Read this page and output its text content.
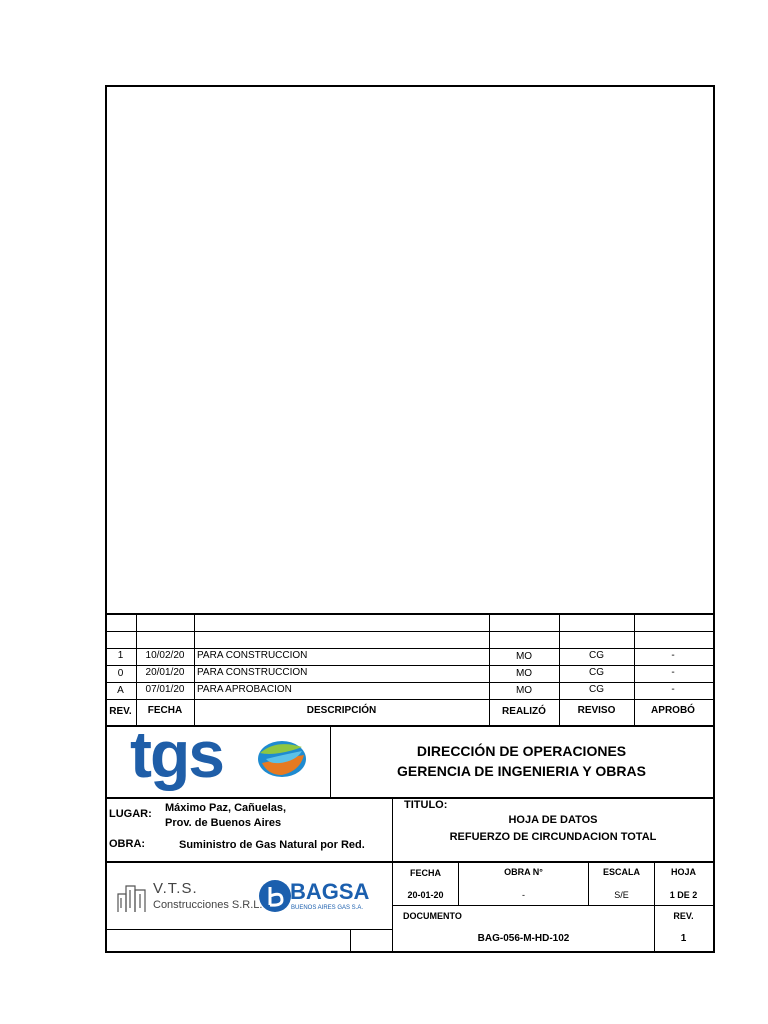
1	10/02/20	PARA CONSTRUCCION	MO	CG	-
0	20/01/20	PARA CONSTRUCCION	MO	CG	-
A	07/01/20	PARA APROBACION	MO	CG	-
REV.	FECHA	DESCRIPCIÓN	REALIZÓ	REVISO	APROBÓ
tgs	DIRECCIÓN DE OPERACIONES
GERENCIA DE INGENIERIA Y OBRAS
LUGAR: Máximo Paz, Cañuelas,
Prov. de Buenos Aires
OBRA:	Suministro de Gas Natural por Red.
TITULO:
HOJA DE DATOS
REFUERZO DE CIRCUNDACION TOTAL
FECHA
20-01-20
OBRA N°
-
ESCALA
S/E
HOJA
1 DE 2
DOCUMENTO
BAG-056-M-HD-102
REV.
1
V.T.S.
Construcciones S.R.L.
BAGSA
BUENOS AIRES GAS S.A.
